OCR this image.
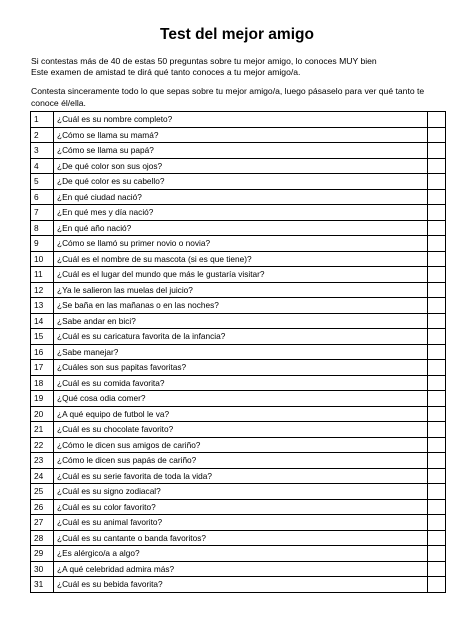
Test del mejor amigo
Si contestas más de 40 de estas 50 preguntas sobre tu mejor amigo, lo conoces MUY bien
Este examen de amistad te dirá qué tanto conoces a tu mejor amigo/a.
Contesta sinceramente todo lo que sepas sobre tu mejor amigo/a, luego pásaselo para ver qué tanto te conoce él/ella.
1	¿Cuál es su nombre completo?	
2	¿Cómo se llama su mamá?	
3	¿Cómo se llama su papá?	
4	¿De qué color son sus ojos?	
5	¿De qué color es su cabello?	
6	¿En qué ciudad nació?	
7	¿En qué mes y día nació?	
8	¿En qué año nació?	
9	¿Cómo se llamó su primer novio o novia?	
10	¿Cuál es el nombre de su mascota (si es que tiene)?	
11	¿Cuál es el lugar del mundo que más le gustaría visitar?	
12	¿Ya le salieron las muelas del juicio?	
13	¿Se baña en las mañanas o en las noches?	
14	¿Sabe andar en bici?	
15	¿Cuál es su caricatura favorita de la infancia?	
16	¿Sabe manejar?	
17	¿Cuáles son sus papitas favoritas?	
18	¿Cuál es su comida favorita?	
19	¿Qué cosa odia comer?	
20	¿A qué equipo de futbol le va?	
21	¿Cuál es su chocolate favorito?	
22	¿Cómo le dicen sus amigos de cariño?	
23	¿Cómo le dicen sus papás de cariño?	
24	¿Cuál es su serie favorita de toda la vida?	
25	¿Cuál es su signo zodiacal?	
26	¿Cuál es su color favorito?	
27	¿Cuál es su animal favorito?	
28	¿Cuál es su cantante o banda favoritos?	
29	¿Es alérgico/a a algo?	
30	¿A qué celebridad admira más?	
31	¿Cuál es su bebida favorita?	
